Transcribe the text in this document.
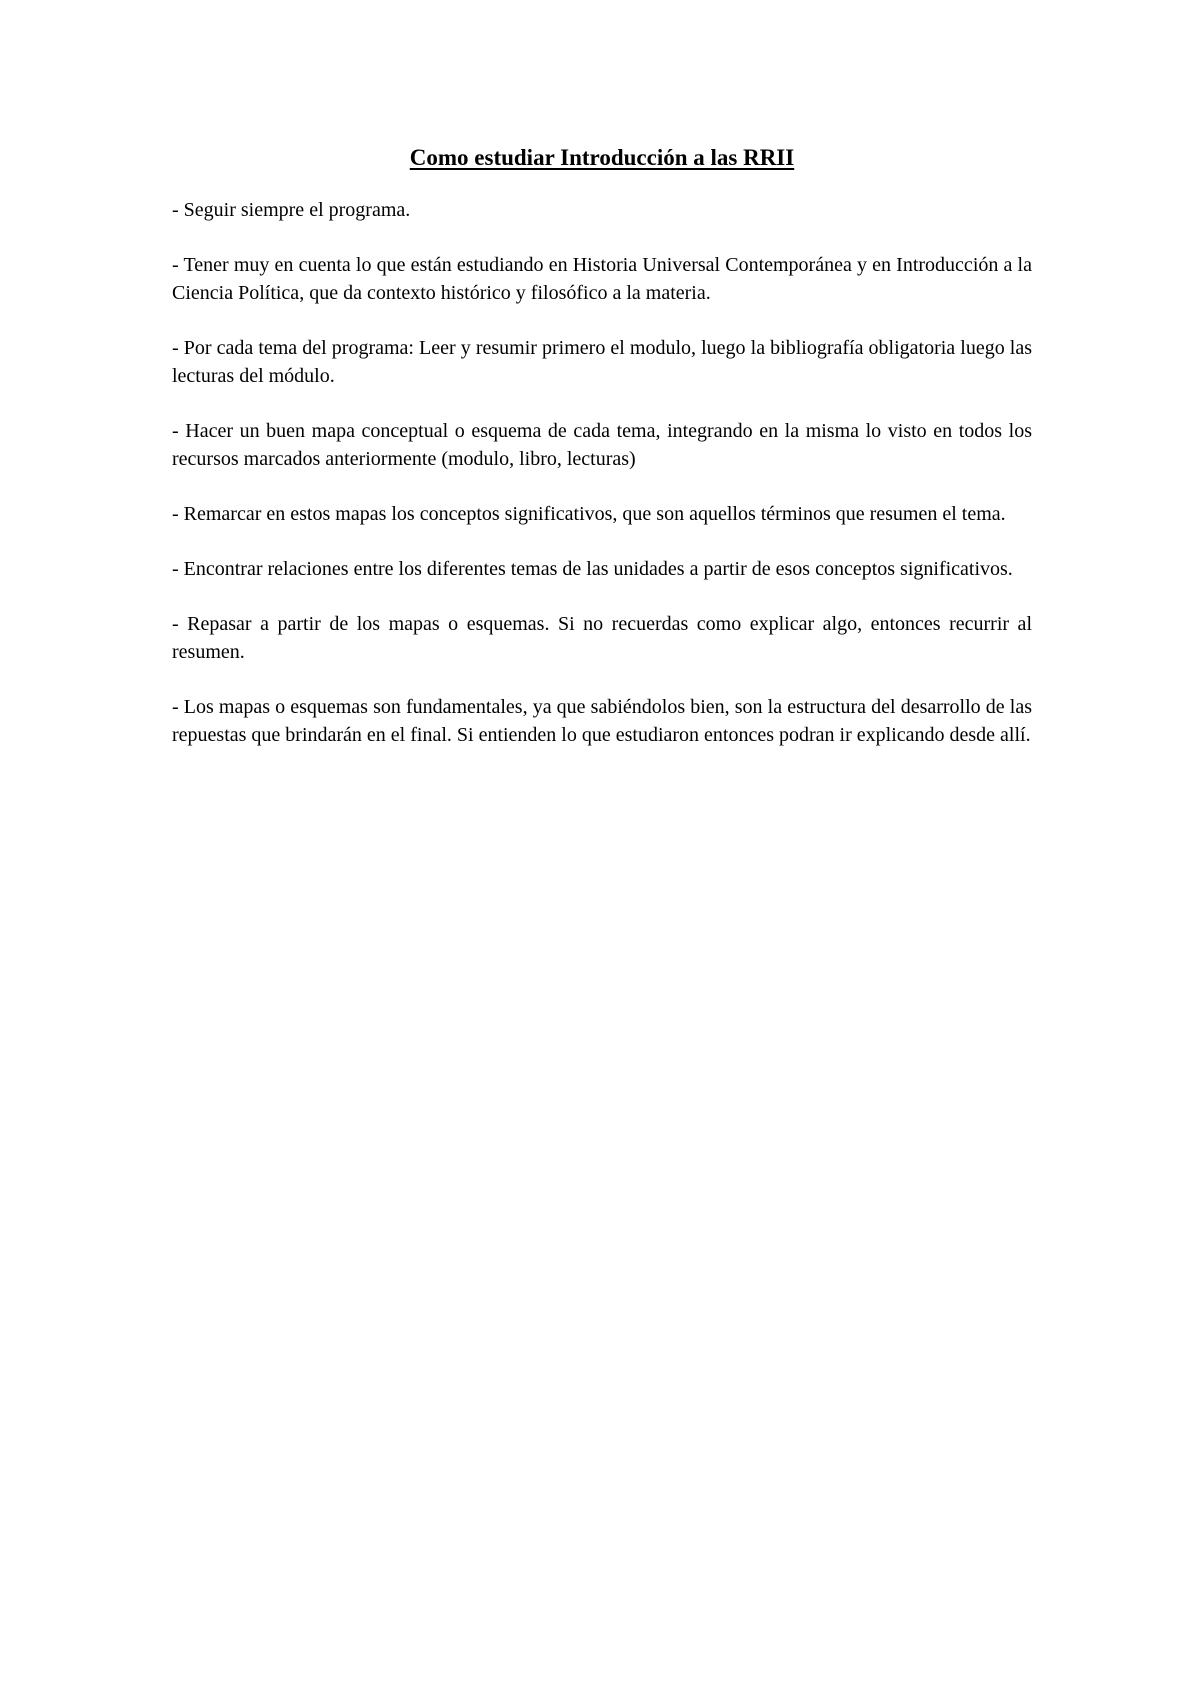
Como estudiar Introducción a las RRII

- Seguir siempre el programa.

- Tener muy en cuenta lo que están estudiando en Historia Universal Contemporánea y en Introducción a la Ciencia Política, que da contexto histórico y filosófico a la materia.

- Por cada tema del programa: Leer y resumir primero el modulo, luego la bibliografía obligatoria luego las lecturas del módulo.

- Hacer un buen mapa conceptual o esquema de cada tema, integrando en la misma lo visto en todos los recursos marcados anteriormente (modulo, libro, lecturas)

- Remarcar en estos mapas los conceptos significativos, que son aquellos términos que resumen el tema.

- Encontrar relaciones entre los diferentes temas de las unidades a partir de esos conceptos significativos.

- Repasar a partir de los mapas o esquemas. Si no recuerdas como explicar algo, entonces recurrir al resumen.

- Los mapas o esquemas son fundamentales, ya que sabiéndolos bien, son la estructura del desarrollo de las repuestas que brindarán en el final. Si entienden lo que estudiaron entonces podran ir explicando desde allí.
